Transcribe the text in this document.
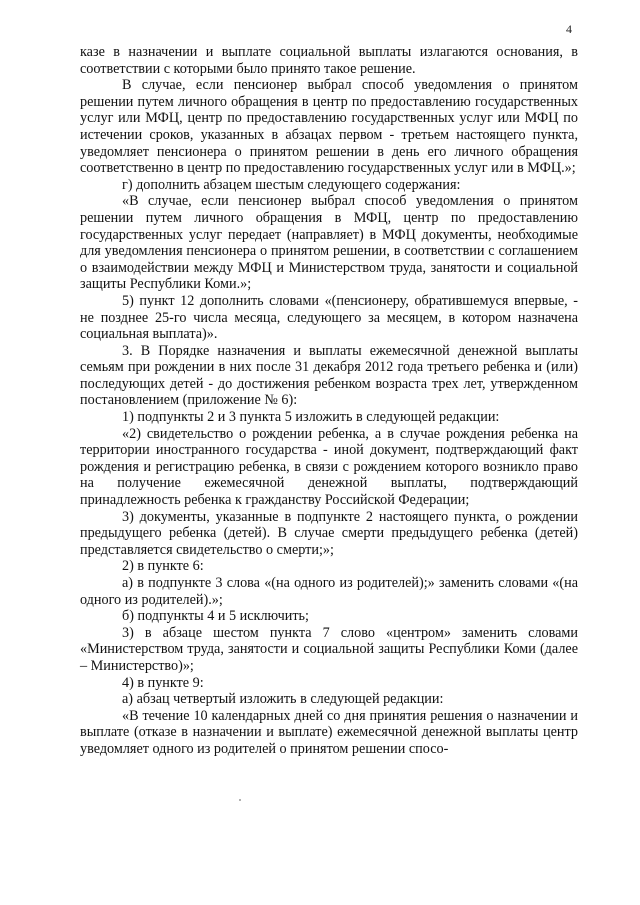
4

казе в назначении и выплате социальной выплаты излагаются основания, в соответствии с которыми было принято такое решение.

В случае, если пенсионер выбрал способ уведомления о принятом решении путем личного обращения в центр по предоставлению государственных услуг или МФЦ, центр по предоставлению государственных услуг или МФЦ по истечении сроков, указанных в абзацах первом - третьем настоящего пункта, уведомляет пенсионера о принятом решении в день его личного обращения соответственно в центр по предоставлению государственных услуг или в МФЦ.»;

г) дополнить абзацем шестым следующего содержания:

«В случае, если пенсионер выбрал способ уведомления о принятом решении путем личного обращения в МФЦ, центр по предоставлению государственных услуг передает (направляет) в МФЦ документы, необходимые для уведомления пенсионера о принятом решении, в соответствии с соглашением о взаимодействии между МФЦ и Министерством труда, занятости и социальной защиты Республики Коми.»;

5) пункт 12 дополнить словами «(пенсионеру, обратившемуся впервые, - не позднее 25-го числа месяца, следующего за месяцем, в котором назначена социальная выплата)».

3. В Порядке назначения и выплаты ежемесячной денежной выплаты семьям при рождении в них после 31 декабря 2012 года третьего ребенка и (или) последующих детей - до достижения ребенком возраста трех лет, утвержденном постановлением (приложение № 6):

1) подпункты 2 и 3 пункта 5 изложить в следующей редакции:

«2) свидетельство о рождении ребенка, а в случае рождения ребенка на территории иностранного государства - иной документ, подтверждающий факт рождения и регистрацию ребенка, в связи с рождением которого возникло право на получение ежемесячной денежной выплаты, подтверждающий принадлежность ребенка к гражданству Российской Федерации;

3) документы, указанные в подпункте 2 настоящего пункта, о рождении предыдущего ребенка (детей). В случае смерти предыдущего ребенка (детей) представляется свидетельство о смерти;»;

2) в пункте 6:

а) в подпункте 3 слова «(на одного из родителей);» заменить словами «(на одного из родителей).»;

б) подпункты 4 и 5 исключить;

3) в абзаце шестом пункта 7 слово «центром» заменить словами «Министерством труда, занятости и социальной защиты Республики Коми (далее – Министерство)»;

4) в пункте 9:

а) абзац четвертый изложить в следующей редакции:

«В течение 10 календарных дней со дня принятия решения о назначении и выплате (отказе в назначении и выплате) ежемесячной денежной выплаты центр уведомляет одного из родителей о принятом решении спосо-
